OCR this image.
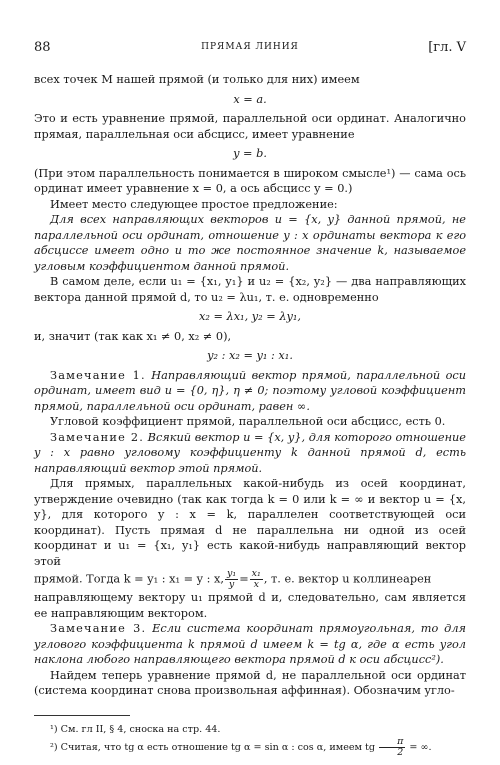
88	ПРЯМАЯ ЛИНИЯ	[гл. V

всех точек M нашей прямой (и только для них) имеем

x = a.

Это и есть уравнение прямой, параллельной оси ординат. Аналогично прямая, параллельная оси абсцисс, имеет уравнение

y = b.

(При этом параллельность понимается в широком смысле¹) — сама ось ординат имеет уравнение x = 0, а ось абсцисс y = 0.)

Имеет место следующее простое предложение:

Для всех направляющих векторов u = {x, y} данной прямой, не параллельной оси ординат, отношение y : x ординаты вектора к его абсциссе имеет одно и то же постоянное значение k, называемое угловым коэффициентом данной прямой.

В самом деле, если u₁ = {x₁, y₁} и u₂ = {x₂, y₂} — два направляющих вектора данной прямой d, то u₂ = λu₁, т. е. одновременно

x₂ = λx₁, y₂ = λy₁,

и, значит (так как x₁ ≠ 0, x₂ ≠ 0),

y₂ : x₂ = y₁ : x₁.

Замечание 1. Направляющий вектор прямой, параллельной оси ординат, имеет вид u = {0, η}, η ≠ 0; поэтому угловой коэффициент прямой, параллельной оси ординат, равен ∞.

Угловой коэффициент прямой, параллельной оси абсцисс, есть 0.

Замечание 2. Всякий вектор u = {x, y}, для которого отношение y : x равно угловому коэффициенту k данной прямой d, есть направляющий вектор этой прямой.

Для прямых, параллельных какой-нибудь из осей координат, утверждение очевидно (так как тогда k = 0 или k = ∞ и вектор u = {x, y}, для которого y : x = k, параллелен соответствующей оси координат). Пусть прямая d не параллельна ни одной из осей координат и u₁ = {x₁, y₁} есть какой-нибудь направляющий вектор этой

прямой. Тогда k = y₁ : x₁ = y : x, $\frac{\text{y₁}}{y} = \frac{\text{x₁}}{x}$ , т. е. вектор u коллинеарен

направляющему вектору u₁ прямой d и, следовательно, сам является ее направляющим вектором.

Замечание 3. Если система координат прямоугольная, то для углового коэффициента k прямой d имеем k = tg α, где α есть угол наклона любого направляющего вектора прямой d к оси абсцисс²).

Найдем теперь уравнение прямой d, не параллельной оси ординат (система координат снова произвольная аффинная). Обозначим угло-

¹) См. гл II, § 4, сноска на стр. 44.

²) Считая, что tg α есть отношение tg α = sin α : cos α, имеем tg $\frac{\pi}{2}$ = ∞.
